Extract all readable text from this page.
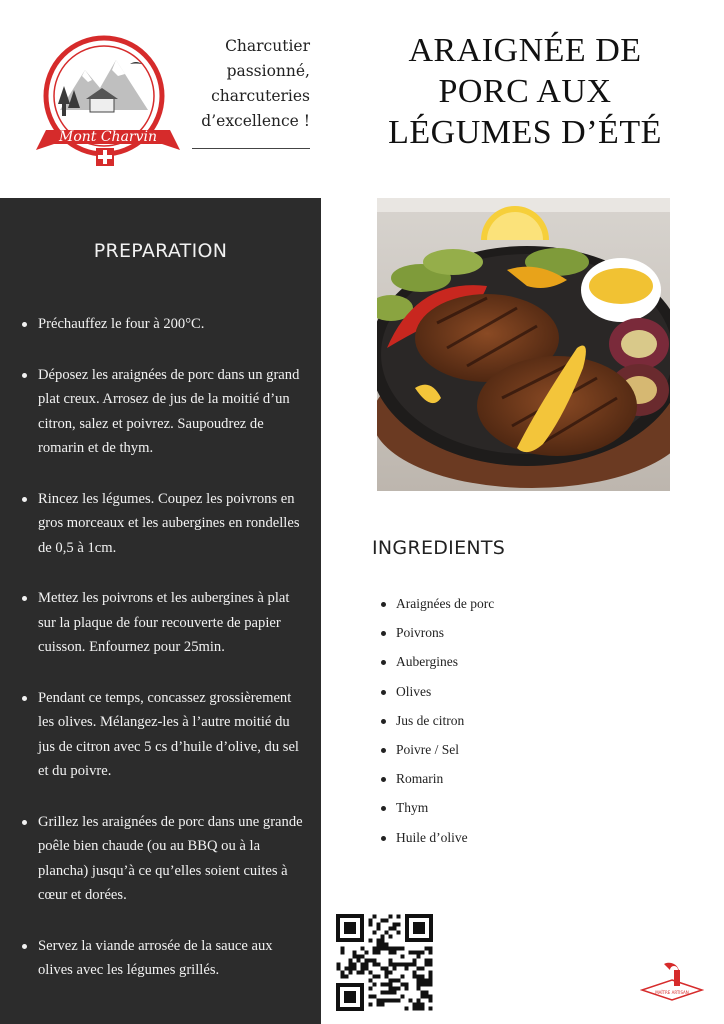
Mont Charvin
Charcutier
passionné,
charcuteries
d’excellence !
ARAIGNÉE DE
PORC AUX
LÉGUMES D’ÉTÉ
PREPARATION
Préchauffez le four à 200°C.
Déposez les araignées de porc dans un grand plat creux. Arrosez de jus de la moitié d’un citron, salez et poivrez. Saupoudrez de romarin et de thym.
Rincez les légumes. Coupez les poivrons en gros morceaux et les aubergines en rondelles de 0,5 à 1cm.
Mettez les poivrons et les aubergines à plat sur la plaque de four recouverte de papier cuisson. Enfournez pour 25min.
Pendant ce temps, concassez grossièrement les olives. Mélangez-les à l’autre moitié du jus de citron avec 5 cs d’huile d’olive, du sel et du poivre.
Grillez les araignées de porc dans une grande poêle bien chaude (ou au BBQ ou à la plancha) jusqu’à ce qu’elles soient cuites à cœur et dorées.
Servez la viande arrosée de la sauce aux olives avec les légumes grillés.
INGREDIENTS
Araignées de porc
Poivrons
Aubergines
Olives
Jus de citron
Poivre / Sel
Romarin
Thym
Huile d’olive
MAÎTRE ARTISAN
